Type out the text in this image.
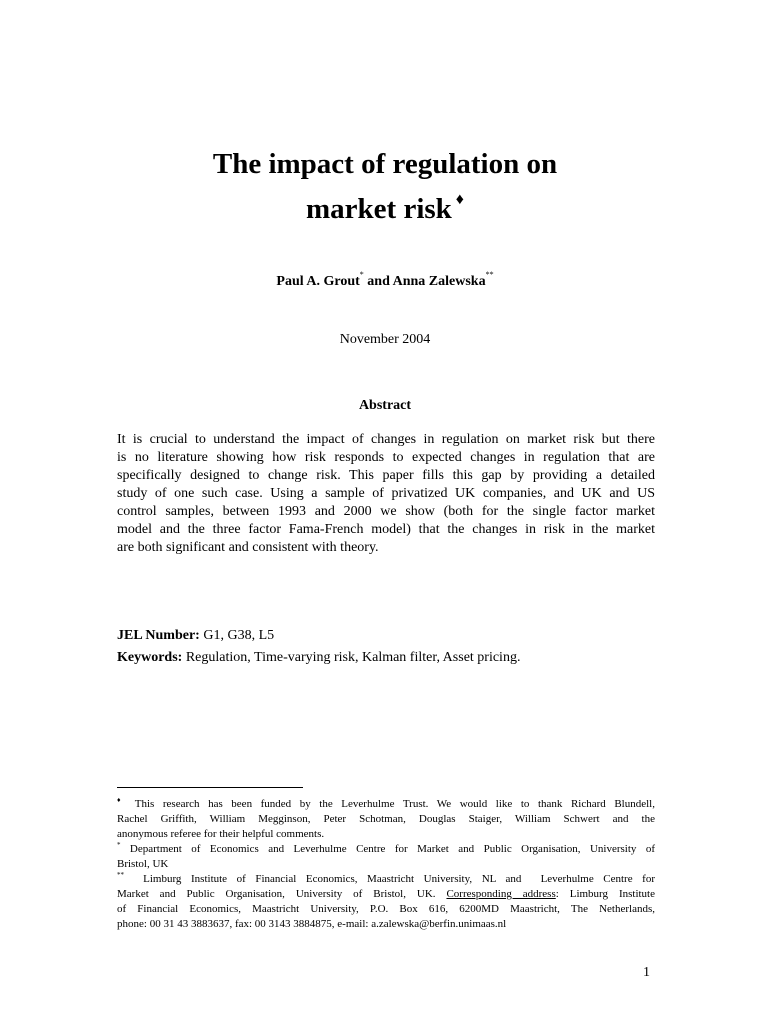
The impact of regulation on
market risk ♦
Paul A. Grout* and Anna Zalewska**
November 2004
Abstract
It is crucial to understand the impact of changes in regulation on market risk but there
is no literature showing how risk responds to expected changes in regulation that are
specifically designed to change risk. This paper fills this gap by providing a detailed
study of one such case. Using a sample of privatized UK companies, and UK and US
control samples, between 1993 and 2000 we show (both for the single factor market
model and the three factor Fama-French model) that the changes in risk in the market
are both significant and consistent with theory.
JEL Number: G1, G38, L5
Keywords: Regulation, Time-varying risk, Kalman filter, Asset pricing.
♦ This research has been funded by the Leverhulme Trust. We would like to thank Richard Blundell,
Rachel Griffith, William Megginson, Peter Schotman, Douglas Staiger, William Schwert and the
anonymous referee for their helpful comments.
* Department of Economics and Leverhulme Centre for Market and Public Organisation, University of
Bristol, UK
**  Limburg Institute of Financial Economics, Maastricht University, NL and  Leverhulme Centre for
Market and Public Organisation, University of Bristol, UK. Corresponding address: Limburg Institute
of Financial Economics, Maastricht University, P.O. Box 616, 6200MD Maastricht, The Netherlands,
phone: 00 31 43 3883637, fax: 00 3143 3884875, e-mail: a.zalewska@berfin.unimaas.nl
1
